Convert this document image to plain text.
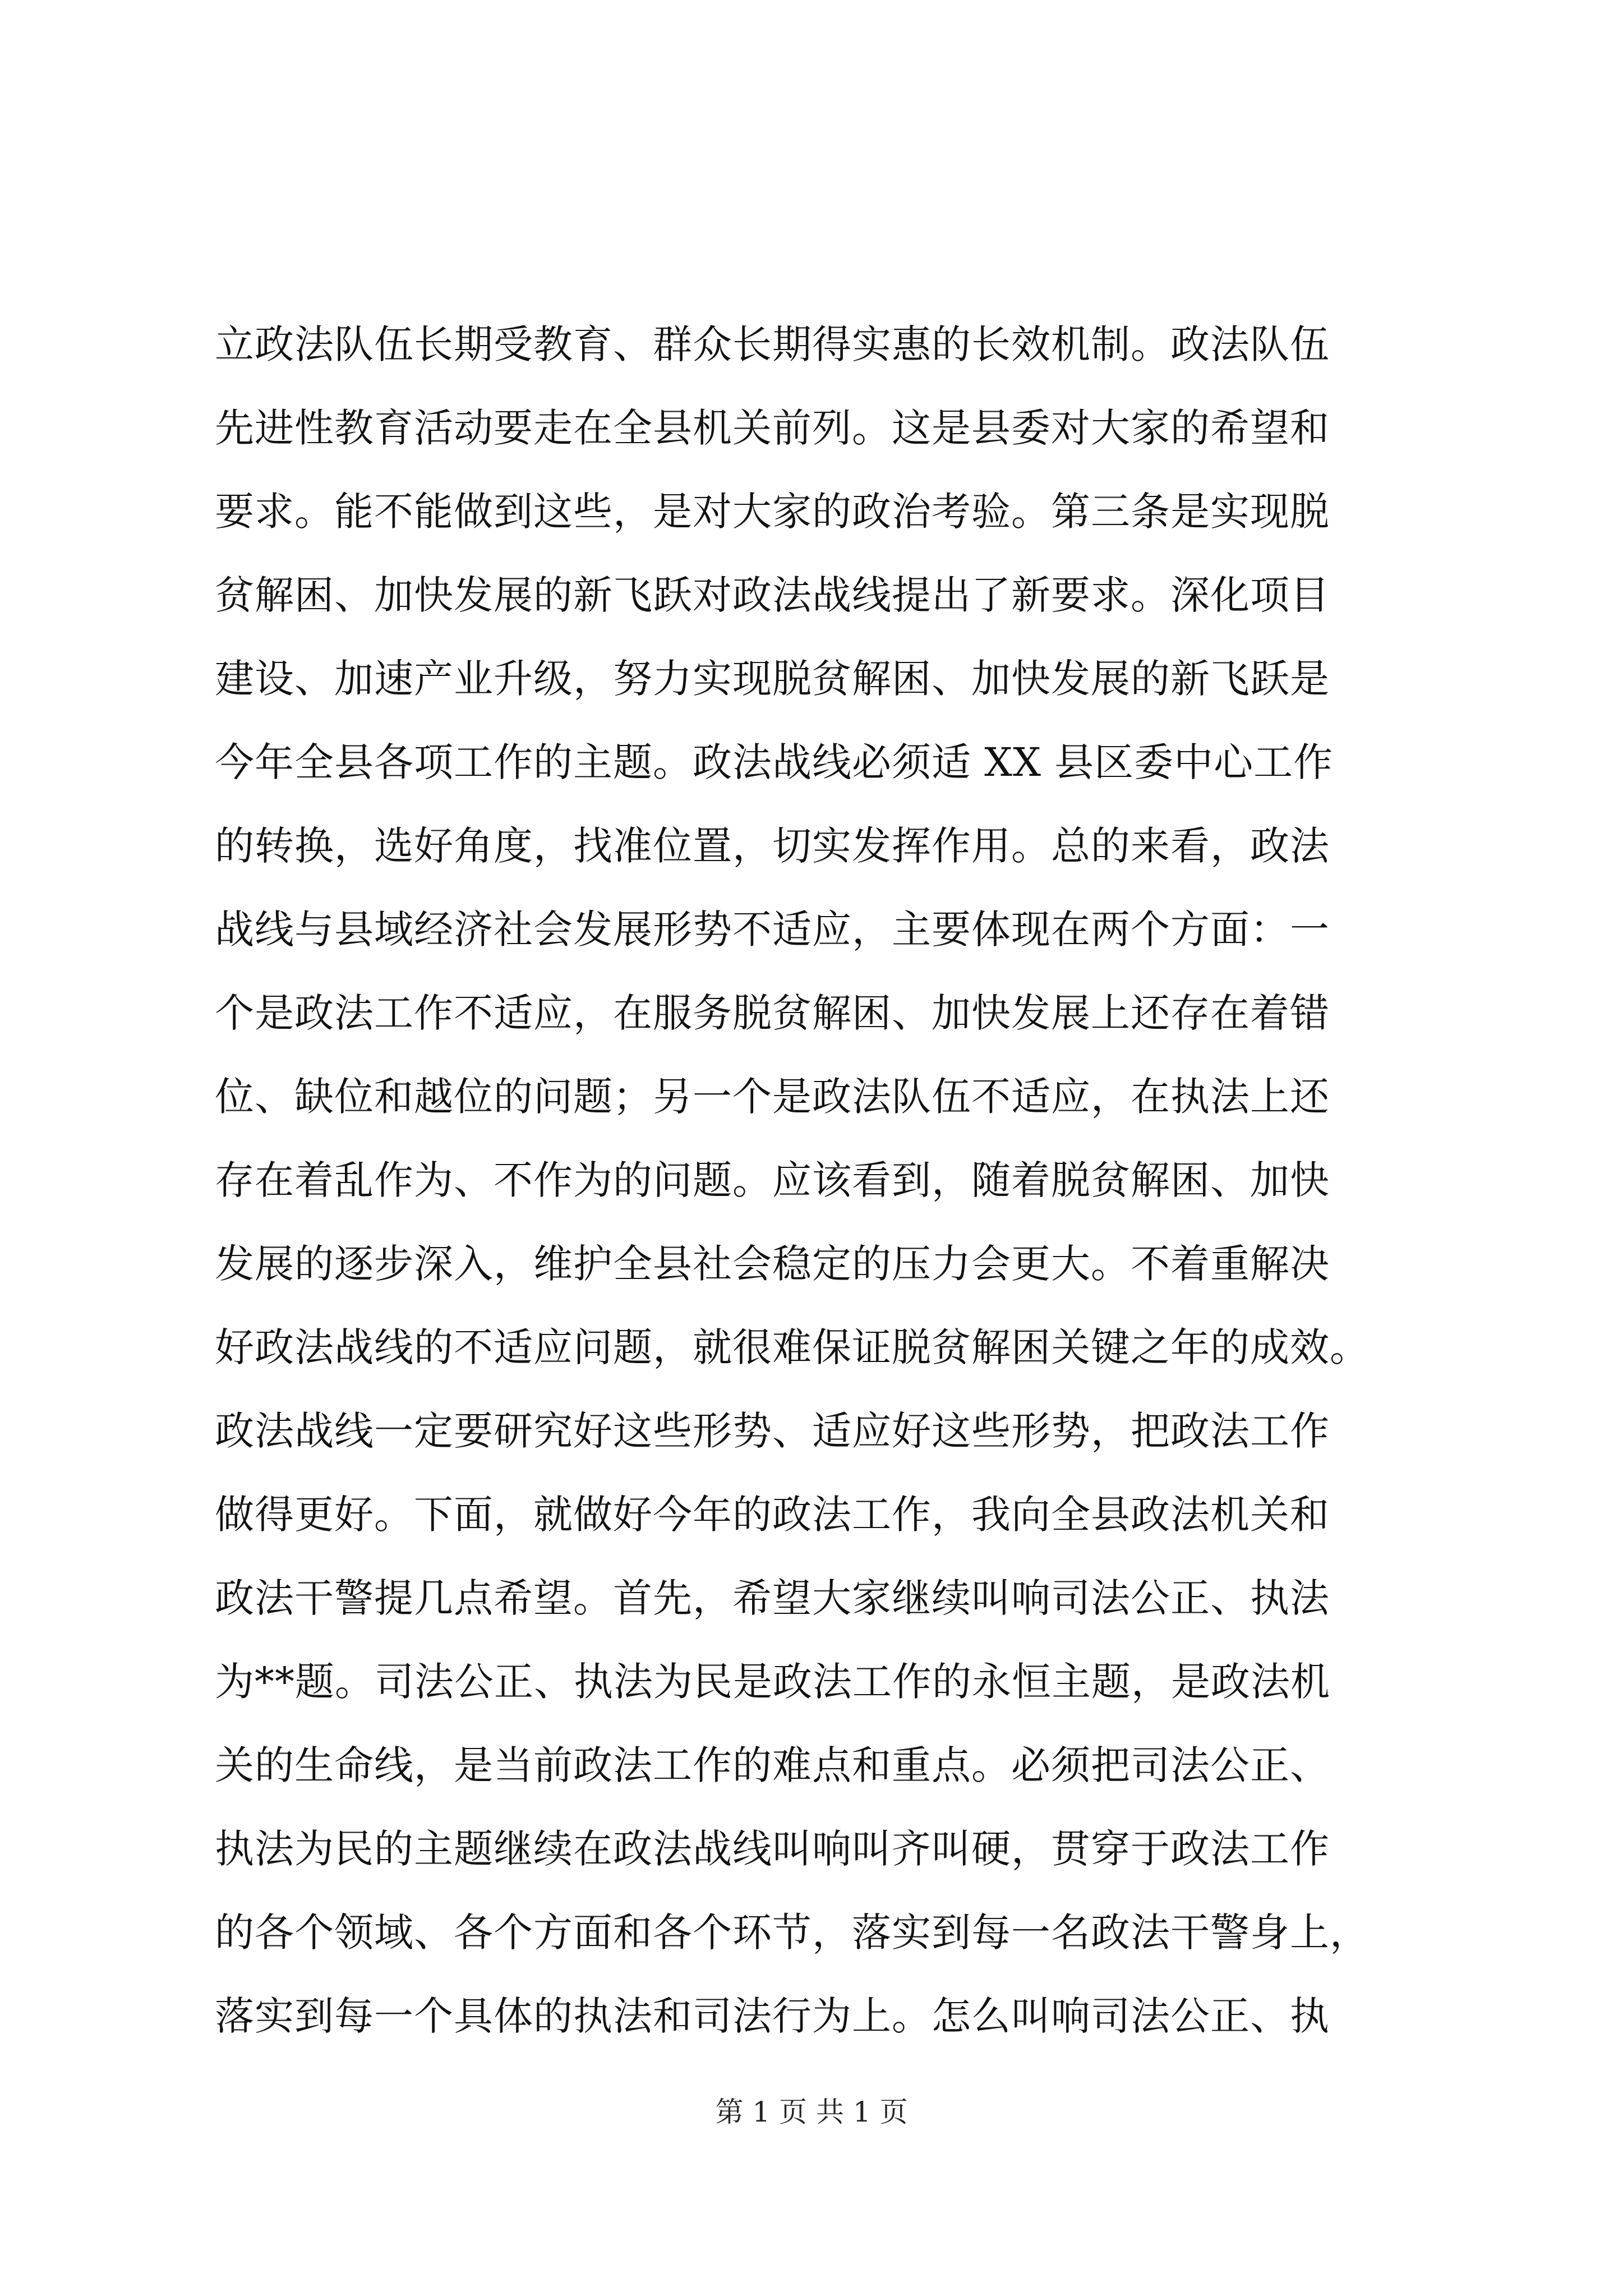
立政法队伍长期受教育、群众长期得实惠的长效机制。政法队伍
先进性教育活动要走在全县机关前列。这是县委对大家的希望和
要求。能不能做到这些，是对大家的政治考验。第三条是实现脱
贫解困、加快发展的新飞跃对政法战线提出了新要求。深化项目
建设、加速产业升级，努力实现脱贫解困、加快发展的新飞跃是
今年全县各项工作的主题。政法战线必须适 XX 县区委中心工作
的转换，选好角度，找准位置，切实发挥作用。总的来看，政法
战线与县域经济社会发展形势不适应，主要体现在两个方面：一
个是政法工作不适应，在服务脱贫解困、加快发展上还存在着错
位、缺位和越位的问题；另一个是政法队伍不适应，在执法上还
存在着乱作为、不作为的问题。应该看到，随着脱贫解困、加快
发展的逐步深入，维护全县社会稳定的压力会更大。不着重解决
好政法战线的不适应问题，就很难保证脱贫解困关键之年的成效。
政法战线一定要研究好这些形势、适应好这些形势，把政法工作
做得更好。下面，就做好今年的政法工作，我向全县政法机关和
政法干警提几点希望。首先，希望大家继续叫响司法公正、执法
为**题。司法公正、执法为民是政法工作的永恒主题，是政法机
关的生命线，是当前政法工作的难点和重点。必须把司法公正、
执法为民的主题继续在政法战线叫响叫齐叫硬，贯穿于政法工作
的各个领域、各个方面和各个环节，落实到每一名政法干警身上，
落实到每一个具体的执法和司法行为上。怎么叫响司法公正、执
第 1 页 共 1 页
